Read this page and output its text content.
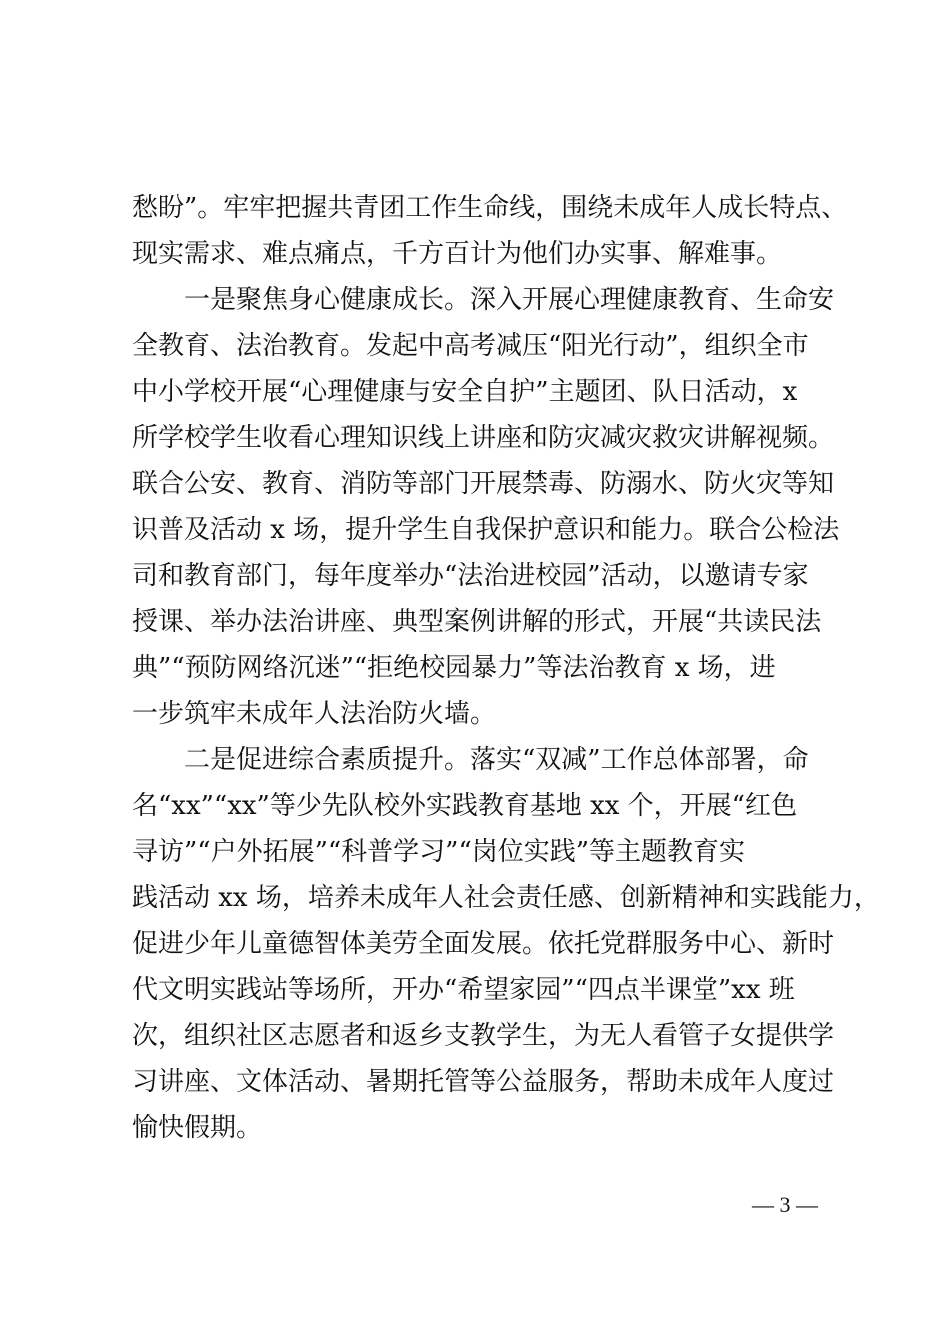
愁盼”。牢牢把握共青团工作生命线，围绕未成年人成长特点、
现实需求、难点痛点，千方百计为他们办实事、解难事。
一是聚焦身心健康成长。深入开展心理健康教育、生命安
全教育、法治教育。发起中高考减压“阳光行动”，组织全市
中小学校开展“心理健康与安全自护”主题团、队日活动，x
所学校学生收看心理知识线上讲座和防灾减灾救灾讲解视频。
联合公安、教育、消防等部门开展禁毒、防溺水、防火灾等知
识普及活动 x 场，提升学生自我保护意识和能力。联合公检法
司和教育部门，每年度举办“法治进校园”活动，以邀请专家
授课、举办法治讲座、典型案例讲解的形式，开展“共读民法
典”“预防网络沉迷”“拒绝校园暴力”等法治教育 x 场，进
一步筑牢未成年人法治防火墙。
二是促进综合素质提升。落实“双减”工作总体部署，命
名“xx”“xx”等少先队校外实践教育基地 xx 个，开展“红色
寻访”“户外拓展”“科普学习”“岗位实践”等主题教育实
践活动 xx 场，培养未成年人社会责任感、创新精神和实践能力，
促进少年儿童德智体美劳全面发展。依托党群服务中心、新时
代文明实践站等场所，开办“希望家园”“四点半课堂”xx 班
次，组织社区志愿者和返乡支教学生，为无人看管子女提供学
习讲座、文体活动、暑期托管等公益服务，帮助未成年人度过
愉快假期。
— 3 —
